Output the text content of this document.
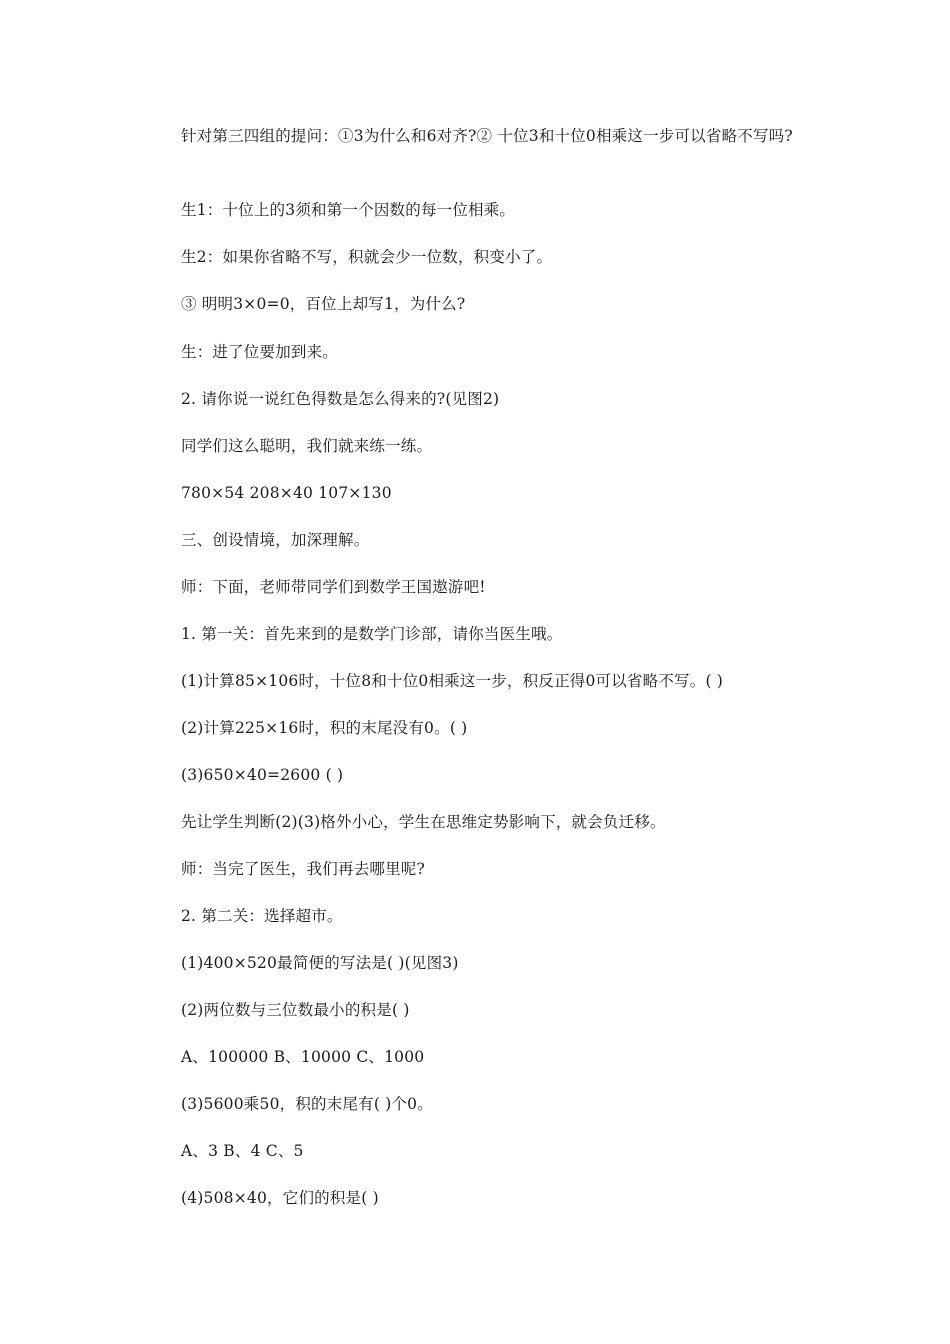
针对第三四组的提问：①3为什么和6对齐?② 十位3和十位0相乘这一步可以省略不写吗?

生1：十位上的3须和第一个因数的每一位相乘。

生2：如果你省略不写，积就会少一位数，积变小了。

③ 明明3×0=0，百位上却写1，为什么?

生：进了位要加到来。

2. 请你说一说红色得数是怎么得来的?(见图2)

同学们这么聪明，我们就来练一练。

780×54 208×40 107×130

三、创设情境，加深理解。

师：下面，老师带同学们到数学王国遨游吧!

1. 第一关：首先来到的是数学门诊部，请你当医生哦。

(1)计算85×106时，十位8和十位0相乘这一步，积反正得0可以省略不写。( )

(2)计算225×16时，积的末尾没有0。( )

(3)650×40=2600 ( )

先让学生判断(2)(3)格外小心，学生在思维定势影响下，就会负迁移。

师：当完了医生，我们再去哪里呢?

2. 第二关：选择超市。

(1)400×520最简便的写法是( )(见图3)

(2)两位数与三位数最小的积是( )

A、100000 B、10000 C、1000

(3)5600乘50，积的末尾有( )个0。

A、3 B、4 C、5

(4)508×40，它们的积是( )
